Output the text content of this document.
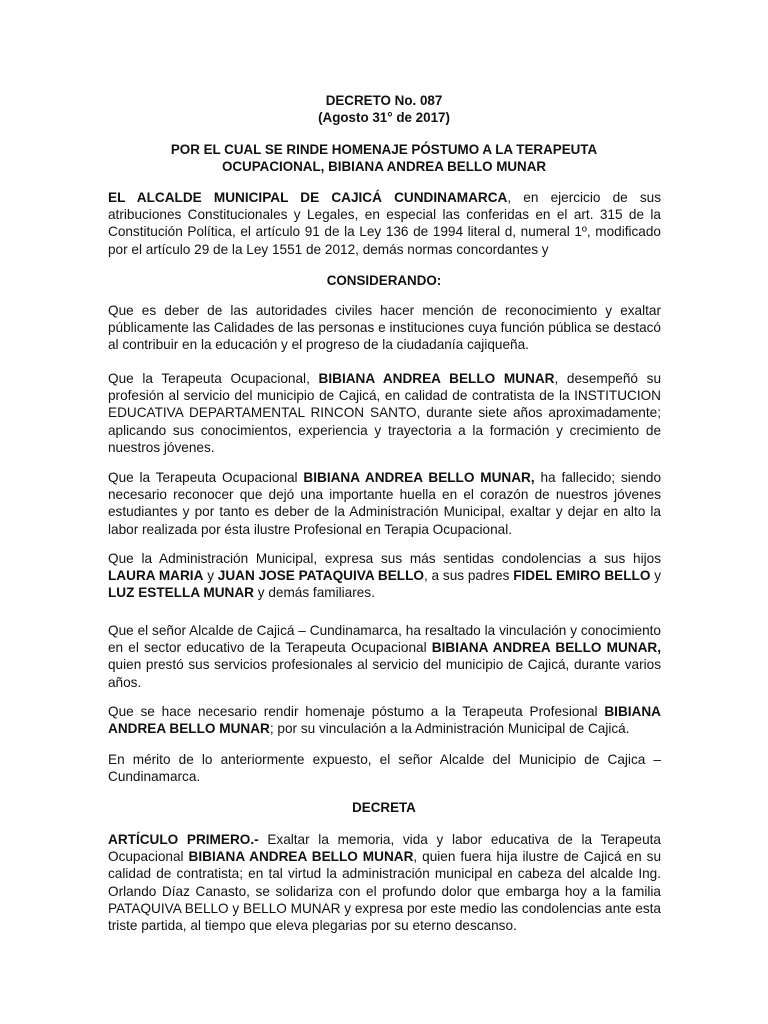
DECRETO No. 087
(Agosto 31° de 2017)
POR EL CUAL SE RINDE HOMENAJE PÓSTUMO A LA TERAPEUTA
OCUPACIONAL, BIBIANA ANDREA BELLO MUNAR
EL ALCALDE MUNICIPAL DE CAJICÁ CUNDINAMARCA, en ejercicio de sus atribuciones Constitucionales y Legales, en especial las conferidas en el art. 315 de la Constitución Política, el artículo 91 de la Ley 136 de 1994 literal d, numeral 1º, modificado por el artículo 29 de la Ley 1551 de 2012, demás normas concordantes y
CONSIDERANDO:
Que es deber de las autoridades civiles hacer mención de reconocimiento y exaltar públicamente las Calidades de las personas e instituciones cuya función pública se destacó al contribuir en la educación y el progreso de la ciudadanía cajiqueña.
Que la Terapeuta Ocupacional, BIBIANA ANDREA BELLO MUNAR, desempeñó su profesión al servicio del municipio de Cajicá, en calidad de contratista de la INSTITUCION EDUCATIVA DEPARTAMENTAL RINCON SANTO, durante siete años aproximadamente; aplicando sus conocimientos, experiencia y trayectoria a la formación y crecimiento de nuestros jóvenes.
Que la Terapeuta Ocupacional BIBIANA ANDREA BELLO MUNAR, ha fallecido; siendo necesario reconocer que dejó una importante huella en el corazón de nuestros jóvenes estudiantes y por tanto es deber de la Administración Municipal, exaltar y dejar en alto la labor realizada por ésta ilustre Profesional en Terapia Ocupacional.
Que la Administración Municipal, expresa sus más sentidas condolencias a sus hijos LAURA MARIA y JUAN JOSE PATAQUIVA BELLO, a sus padres FIDEL EMIRO BELLO y LUZ ESTELLA MUNAR y demás familiares.
Que el señor Alcalde de Cajicá – Cundinamarca, ha resaltado la vinculación y conocimiento en el sector educativo de la Terapeuta Ocupacional BIBIANA ANDREA BELLO MUNAR, quien prestó sus servicios profesionales al servicio del municipio de Cajicá, durante varios años.
Que se hace necesario rendir homenaje póstumo a la Terapeuta Profesional BIBIANA ANDREA BELLO MUNAR; por su vinculación a la Administración Municipal de Cajicá.
En mérito de lo anteriormente expuesto, el señor Alcalde del Municipio de Cajica – Cundinamarca.
DECRETA
ARTÍCULO PRIMERO.- Exaltar la memoria, vida y labor educativa de la Terapeuta Ocupacional BIBIANA ANDREA BELLO MUNAR, quien fuera hija ilustre de Cajicá en su calidad de contratista; en tal virtud la administración municipal en cabeza del alcalde Ing. Orlando Díaz Canasto, se solidariza con el profundo dolor que embarga hoy a la familia PATAQUIVA BELLO y BELLO MUNAR y expresa por este medio las condolencias ante esta triste partida, al tiempo que eleva plegarias por su eterno descanso.
